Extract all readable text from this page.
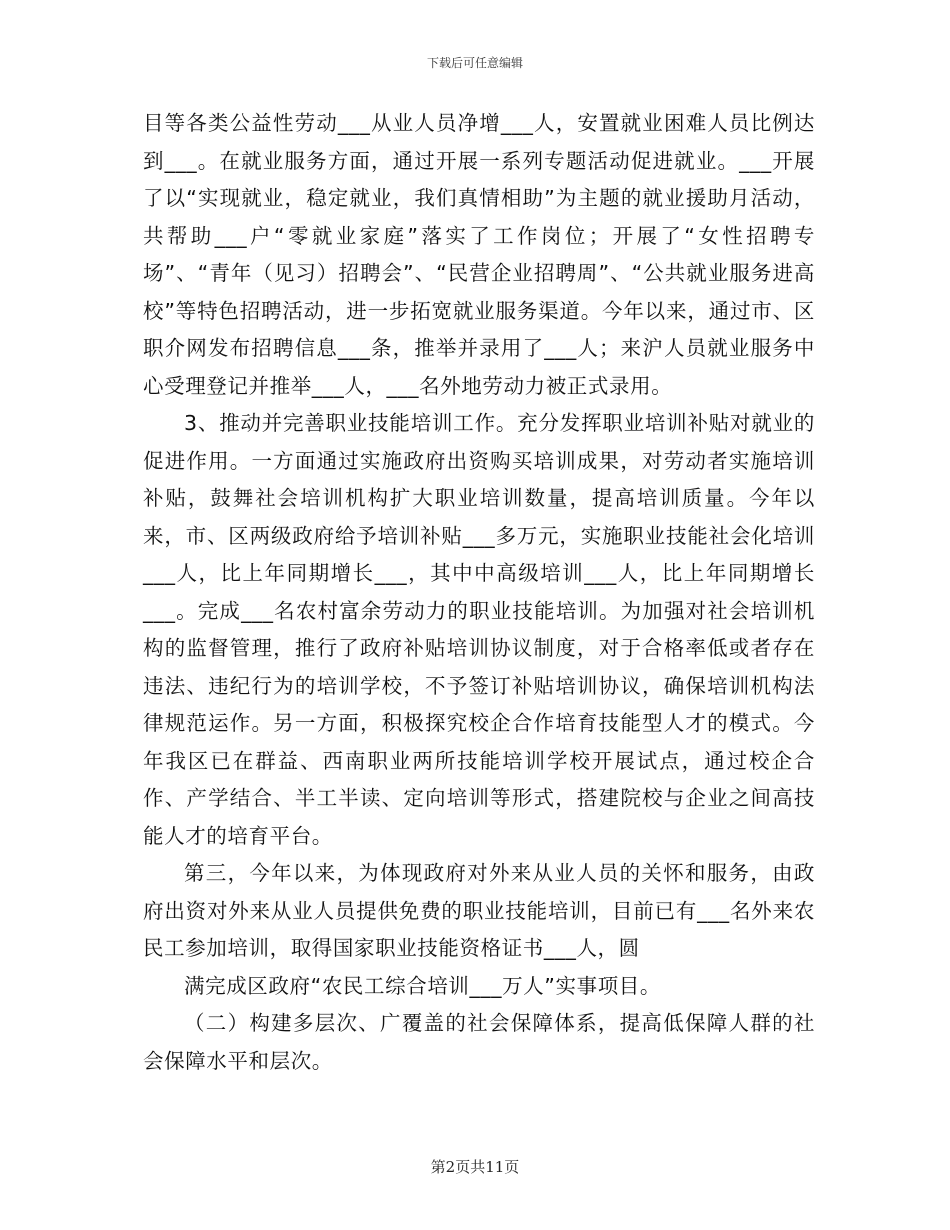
下载后可任意编辑

目等各类公益性劳动___从业人员净增___人，安置就业困难人员比例达到___。在就业服务方面，通过开展一系列专题活动促进就业。___开展了以“实现就业，稳定就业，我们真情相助”为主题的就业援助月活动，共帮助___户“零就业家庭”落实了工作岗位；开展了“女性招聘专场”、“青年（见习）招聘会”、“民营企业招聘周”、“公共就业服务进高校”等特色招聘活动，进一步拓宽就业服务渠道。今年以来，通过市、区职介网发布招聘信息___条，推举并录用了___人；来沪人员就业服务中心受理登记并推举___人，___名外地劳动力被正式录用。

3、推动并完善职业技能培训工作。充分发挥职业培训补贴对就业的促进作用。一方面通过实施政府出资购买培训成果，对劳动者实施培训补贴，鼓舞社会培训机构扩大职业培训数量，提高培训质量。今年以来，市、区两级政府给予培训补贴___多万元，实施职业技能社会化培训___人，比上年同期增长___，其中中高级培训___人，比上年同期增长___。完成___名农村富余劳动力的职业技能培训。为加强对社会培训机构的监督管理，推行了政府补贴培训协议制度，对于合格率低或者存在违法、违纪行为的培训学校，不予签订补贴培训协议，确保培训机构法律规范运作。另一方面，积极探究校企合作培育技能型人才的模式。今年我区已在群益、西南职业两所技能培训学校开展试点，通过校企合作、产学结合、半工半读、定向培训等形式，搭建院校与企业之间高技能人才的培育平台。

第三，今年以来，为体现政府对外来从业人员的关怀和服务，由政府出资对外来从业人员提供免费的职业技能培训，目前已有___名外来农民工参加培训，取得国家职业技能资格证书___人，圆

满完成区政府“农民工综合培训___万人”实事项目。

（二）构建多层次、广覆盖的社会保障体系，提高低保障人群的社会保障水平和层次。

第2页共11页
